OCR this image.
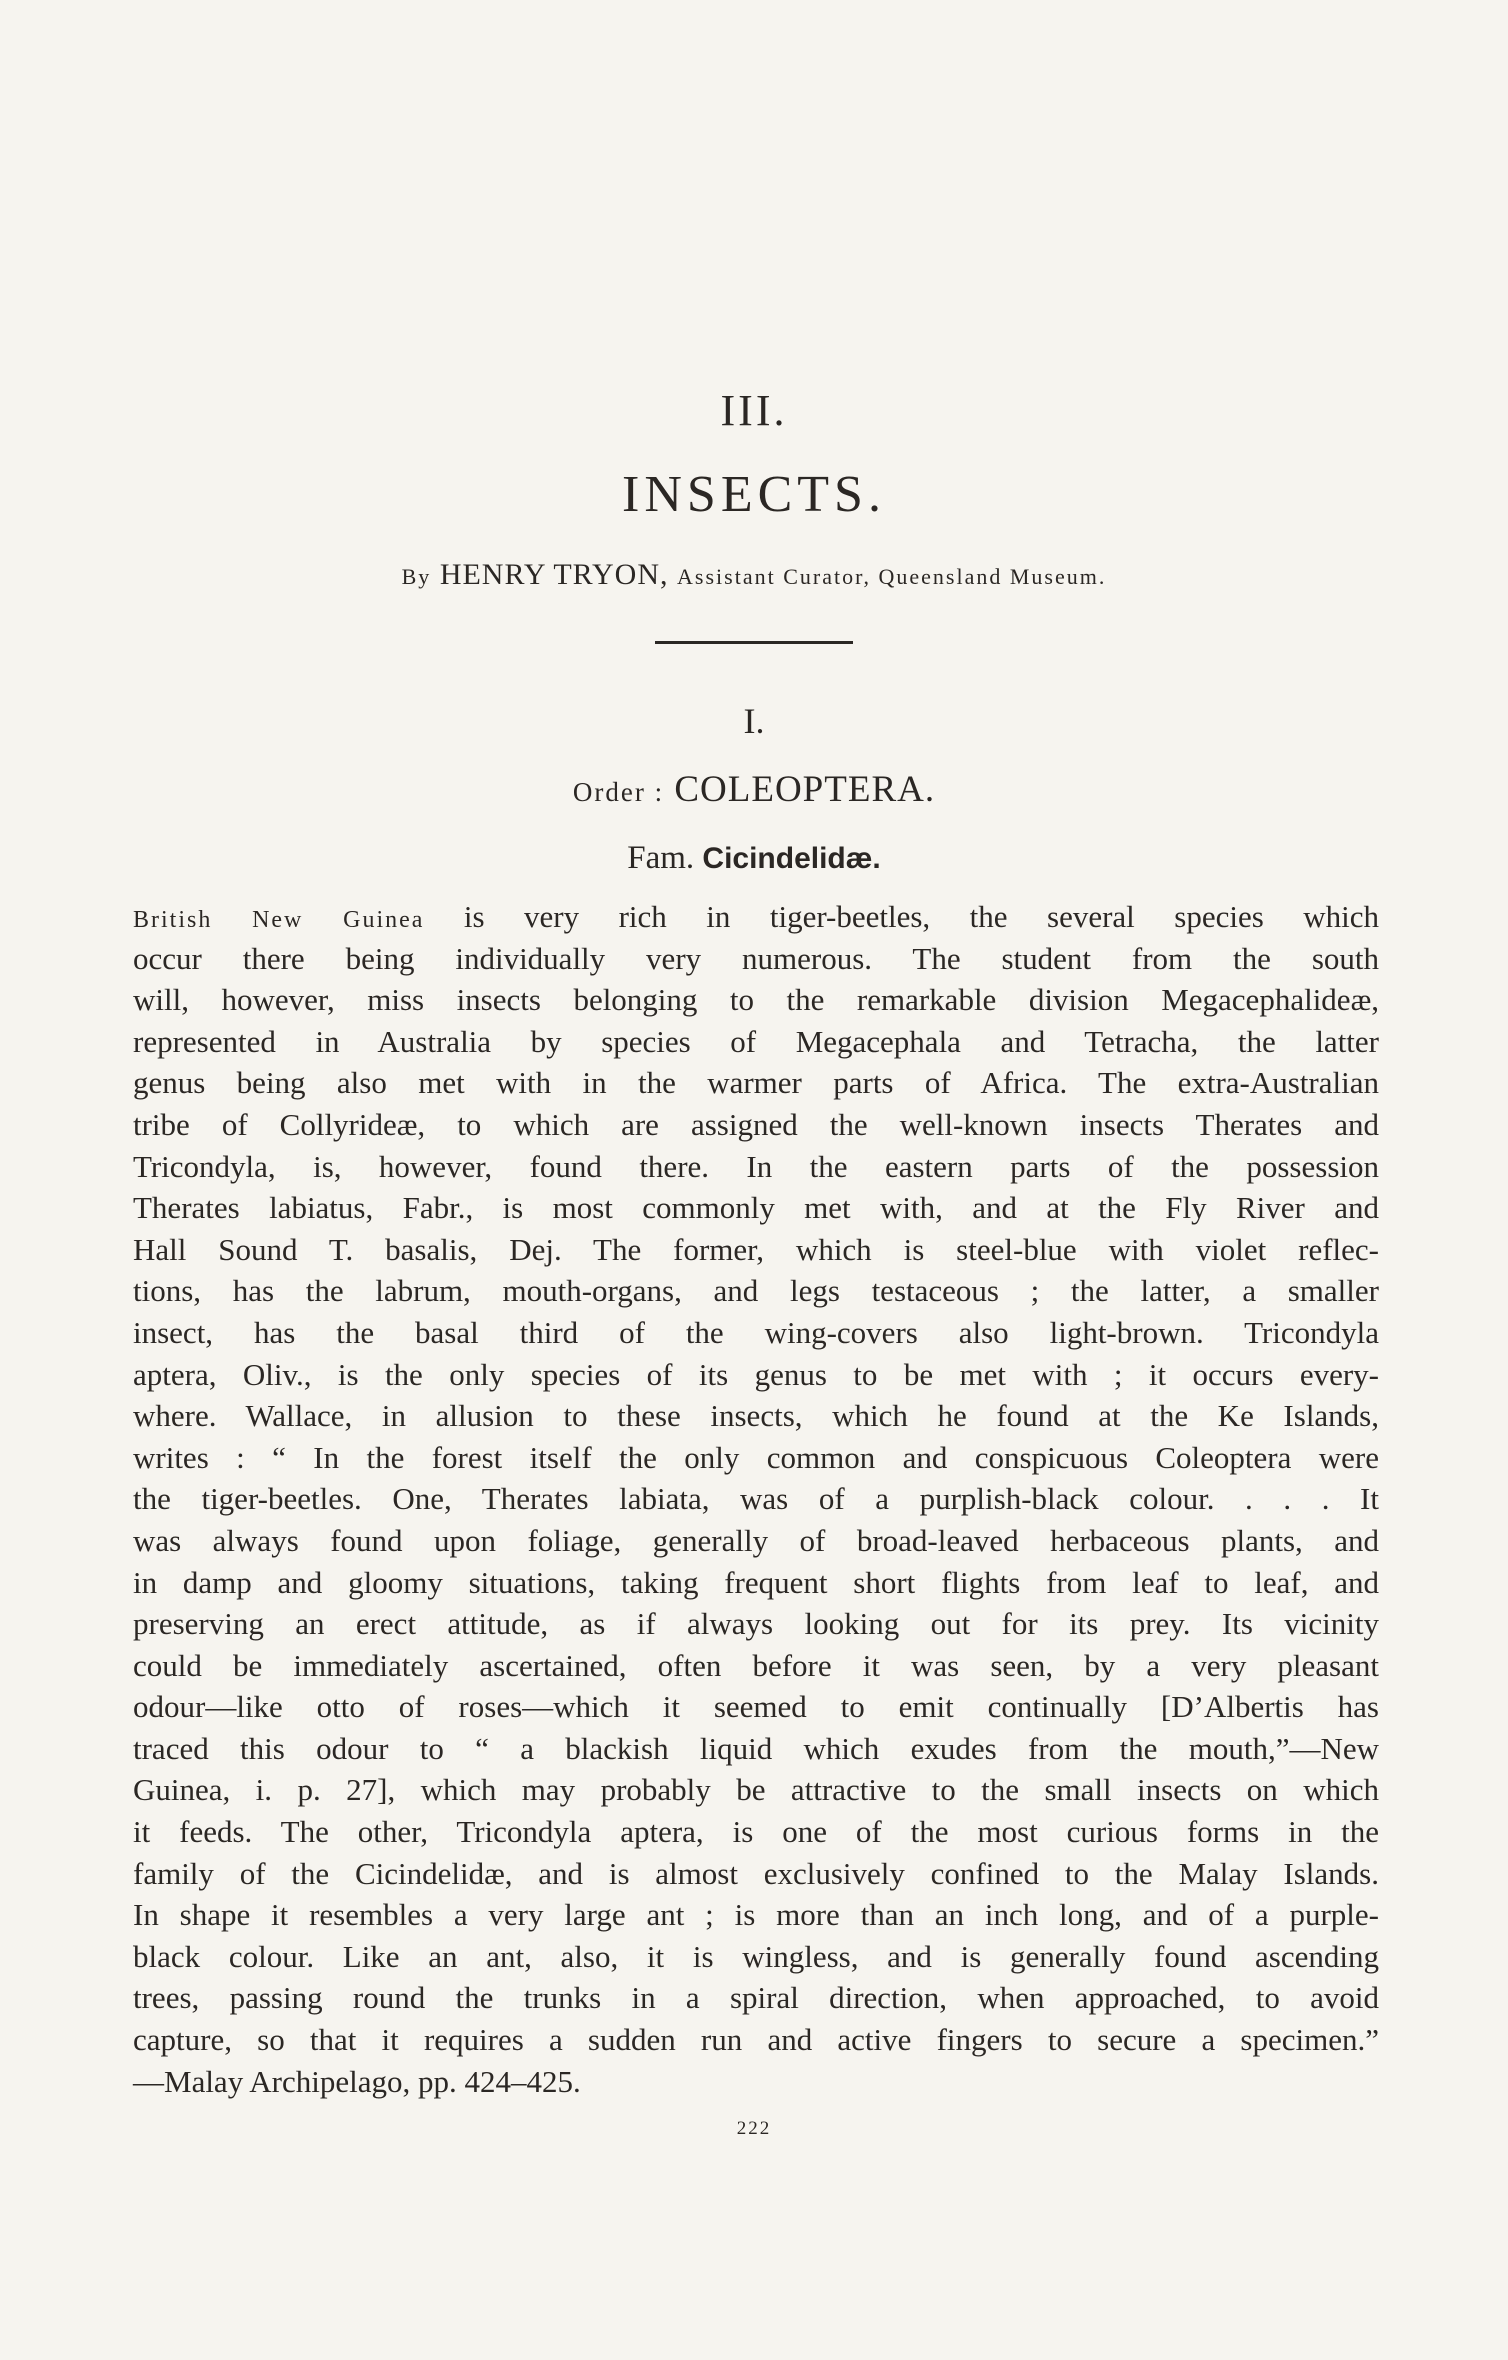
III.
INSECTS.
By HENRY TRYON, Assistant Curator, Queensland Museum.
I.
Order : COLEOPTERA.
Fam. Cicindelidæ.
British New Guinea is very rich in tiger-beetles, the several species which
occur there being individually very numerous. The student from the south
will, however, miss insects belonging to the remarkable division Megacephalideæ,
represented in Australia by species of Megacephala and Tetracha, the latter
genus being also met with in the warmer parts of Africa. The extra-Australian
tribe of Collyrideæ, to which are assigned the well-known insects Therates and
Tricondyla, is, however, found there. In the eastern parts of the possession
Therates labiatus, Fabr., is most commonly met with, and at the Fly River and
Hall Sound T. basalis, Dej. The former, which is steel-blue with violet reflec-
tions, has the labrum, mouth-organs, and legs testaceous ; the latter, a smaller
insect, has the basal third of the wing-covers also light-brown. Tricondyla
aptera, Oliv., is the only species of its genus to be met with ; it occurs every-
where. Wallace, in allusion to these insects, which he found at the Ke Islands,
writes : “ In the forest itself the only common and conspicuous Coleoptera were
the tiger-beetles. One, Therates labiata, was of a purplish-black colour. . . . It
was always found upon foliage, generally of broad-leaved herbaceous plants, and
in damp and gloomy situations, taking frequent short flights from leaf to leaf, and
preserving an erect attitude, as if always looking out for its prey. Its vicinity
could be immediately ascertained, often before it was seen, by a very pleasant
odour—like otto of roses—which it seemed to emit continually [D’Albertis has
traced this odour to “ a blackish liquid which exudes from the mouth,”—New
Guinea, i. p. 27], which may probably be attractive to the small insects on which
it feeds. The other, Tricondyla aptera, is one of the most curious forms in the
family of the Cicindelidæ, and is almost exclusively confined to the Malay Islands.
In shape it resembles a very large ant ; is more than an inch long, and of a purple-
black colour. Like an ant, also, it is wingless, and is generally found ascending
trees, passing round the trunks in a spiral direction, when approached, to avoid
capture, so that it requires a sudden run and active fingers to secure a specimen.”
—Malay Archipelago, pp. 424–425.
222
